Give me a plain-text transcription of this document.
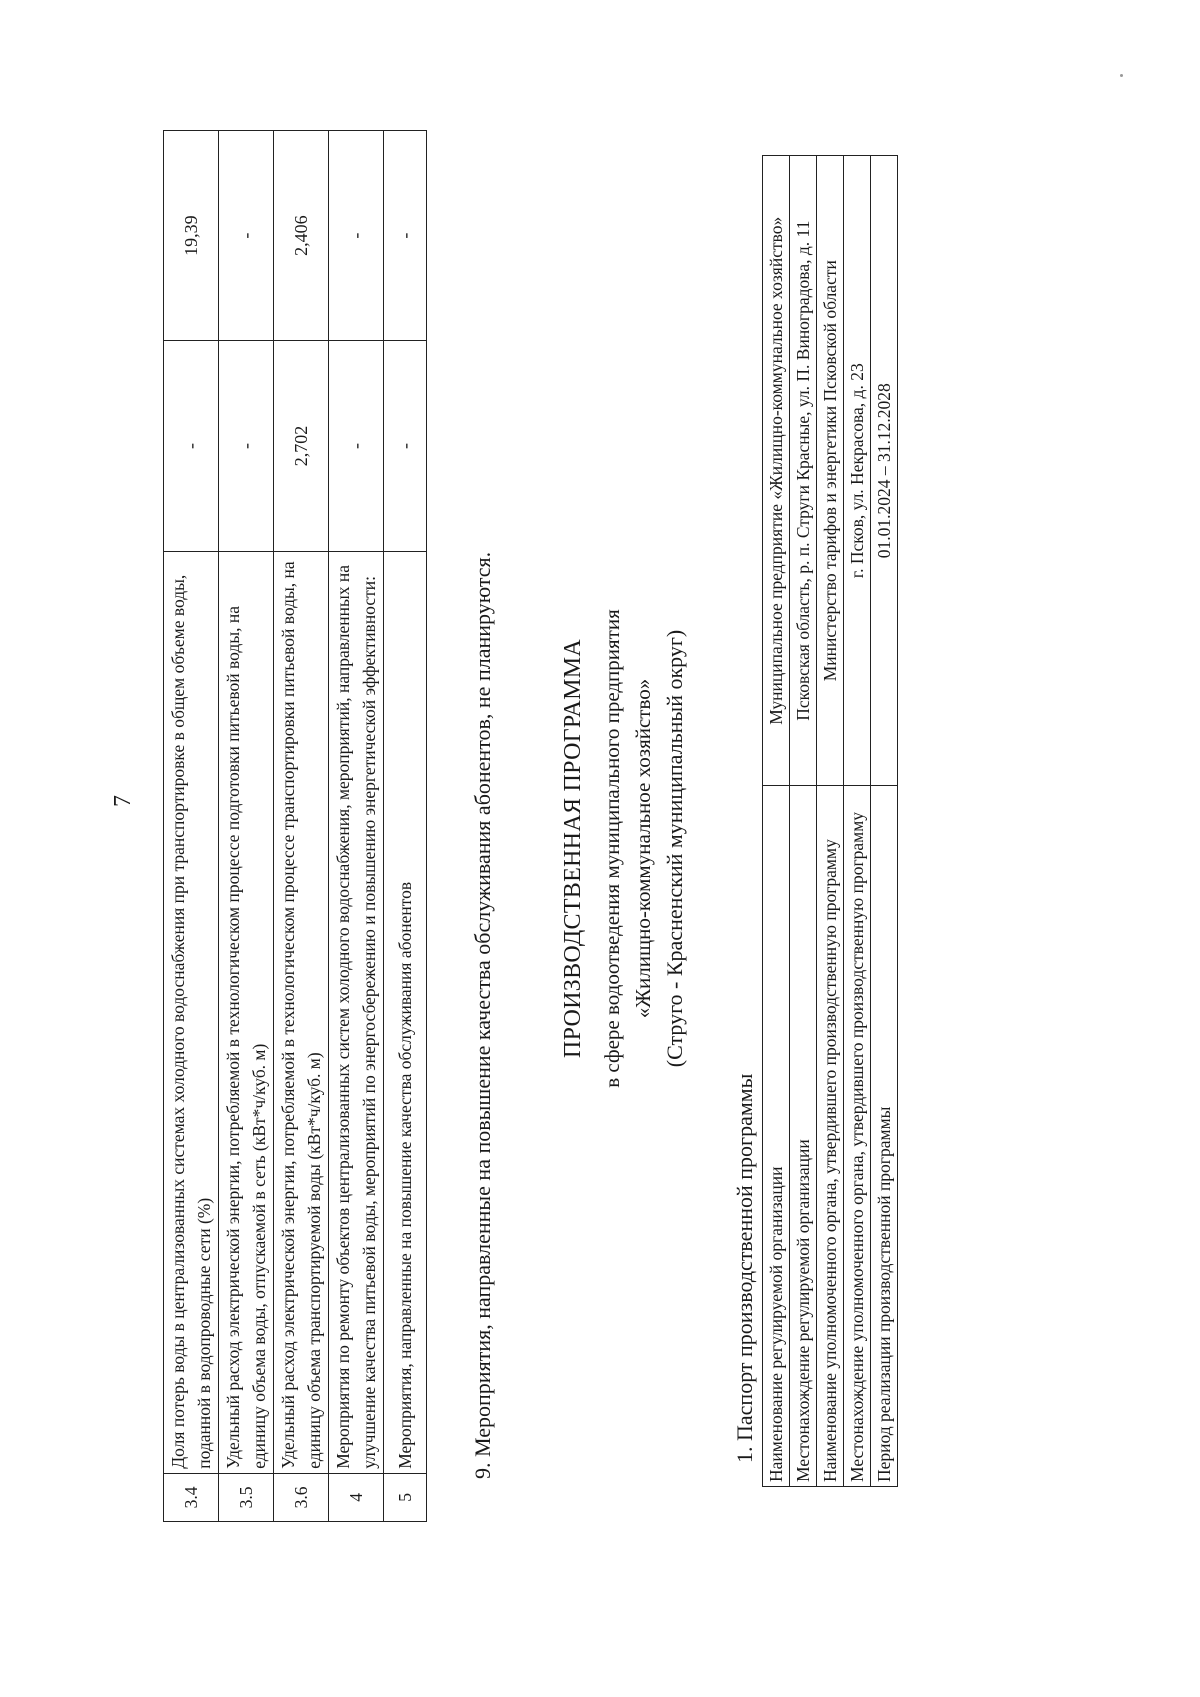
7
3.4	Доля потерь воды в централизованных системах холодного водоснабжения при транспортировке в общем объеме воды, поданной в водопроводные сети (%)	-	19,39
3.5	Удельный расход электрической энергии, потребляемой в технологическом процессе подготовки питьевой воды, на единицу объема воды, отпускаемой в сеть (кВт*ч/куб. м)	-	-
3.6	Удельный расход электрической энергии, потребляемой в технологическом процессе транспортировки питьевой воды, на единицу объема транспортируемой воды (кВт*ч/куб. м)	2,702	2,406
4	Мероприятия по ремонту объектов централизованных систем холодного водоснабжения, мероприятий, направленных на улучшение качества питьевой воды, мероприятий по энергосбережению и повышению энергетической эффективности:	-	-
5	Мероприятия, направленные на повышение качества обслуживания абонентов	-	-
9. Мероприятия, направленные на повышение качества обслуживания абонентов, не планируются.	ПРОИЗВОДСТВЕННАЯ ПРОГРАММА в сфере водоотведения муниципального предприятия «Жилищно-коммунальное хозяйство» (Струго - Красненский муниципальный округ)
1. Паспорт производственной программы Наименование регулируемой организации	Муниципальное предприятие «Жилищно-коммунальное хозяйство»
Местонахождение регулируемой организации	Псковская область, р. п. Струги Красные, ул. П. Виноградова, д. 11
Наименование уполномоченного органа, утвердившего производственную программу	Министерство тарифов и энергетики Псковской области
Местонахождение уполномоченного органа, утвердившего производственную программу	г. Псков, ул. Некрасова, д. 23
Период реализации производственной программы	01.01.2024 – 31.12.2028
